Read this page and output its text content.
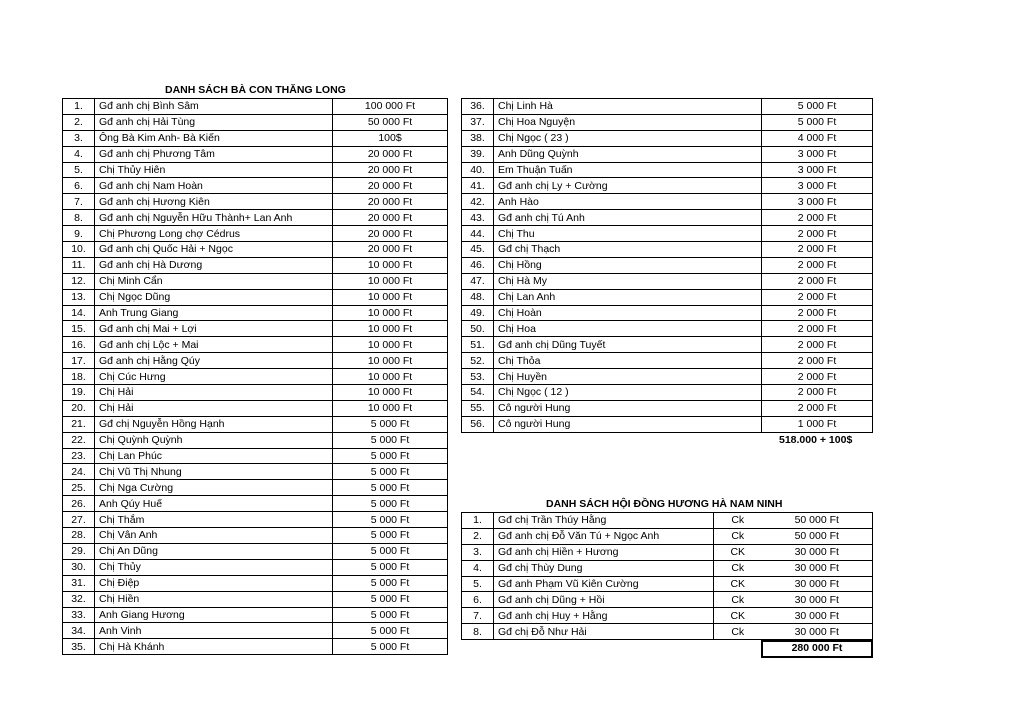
DANH SÁCH BÀ CON THĂNG LONG
1.	Gđ anh chị Bình Sâm	100 000 Ft
2.	Gđ anh chị Hải Tùng	50 000 Ft
3.	Ông Bà Kim Anh- Bà Kiến	100$
4.	Gđ anh chị Phương Tâm	20 000 Ft
5.	Chị Thủy Hiên	20 000 Ft
6.	Gđ anh chị Nam Hoàn	20 000 Ft
7.	Gđ anh chị Hương Kiên	20 000 Ft
8.	Gđ anh chị Nguyễn Hữu Thành+ Lan Anh	20 000 Ft
9.	Chị Phương Long chợ Cédrus	20 000 Ft
10.	Gđ anh chị Quốc Hải + Ngọc	20 000 Ft
11.	Gđ anh chị Hà Dương	10 000 Ft
12.	Chị Minh Cẩn	10 000 Ft
13.	Chị Ngọc Dũng	10 000 Ft
14.	Anh Trung Giang	10 000 Ft
15.	Gđ anh chị Mai + Lợi	10 000 Ft
16.	Gđ anh chị Lộc + Mai	10 000 Ft
17.	Gđ anh chị Hằng Qúy	10 000 Ft
18.	Chị Cúc Hưng	10 000 Ft
19.	Chị Hải	10 000 Ft
20.	Chị Hải	10 000 Ft
21.	Gđ chị Nguyễn Hồng Hạnh	5 000 Ft
22.	Chị Quỳnh Quỳnh	5 000 Ft
23.	Chị Lan Phúc	5 000 Ft
24.	Chị Vũ Thị Nhung	5 000 Ft
25.	Chị Nga Cường	5 000 Ft
26.	Anh Qúy Huế	5 000 Ft
27.	Chị Thắm	5 000 Ft
28.	Chị Vân Anh	5 000 Ft
29.	Chị An Dũng	5 000 Ft
30.	Chị Thủy	5 000 Ft
31.	Chị Điệp	5 000 Ft
32.	Chị Hiền	5 000 Ft
33.	Anh Giang Hương	5 000 Ft
34.	Anh Vinh	5 000 Ft
35.	Chị Hà Khánh	5 000 Ft
36.	Chị Linh Hà	5 000 Ft
37.	Chị Hoa Nguyện	5 000 Ft
38.	Chị Ngọc ( 23 )	4 000 Ft
39.	Anh Dũng Quỳnh	3 000 Ft
40.	Em Thuận Tuấn	3 000 Ft
41.	Gđ anh chị Ly + Cường	3 000 Ft
42.	Anh Hào	3 000 Ft
43.	Gđ anh chị Tú Anh	2 000 Ft
44.	Chị Thu	2 000 Ft
45.	Gđ chị Thạch	2 000 Ft
46.	Chị Hồng	2 000 Ft
47.	Chị Hà My	2 000 Ft
48.	Chị Lan Anh	2 000 Ft
49.	Chị Hoàn	2 000 Ft
50.	Chị Hoa	2 000 Ft
51.	Gđ anh chị Dũng Tuyết	2 000 Ft
52.	Chị Thỏa	2 000 Ft
53.	Chị Huyền	2 000 Ft
54.	Chị Ngọc ( 12 )	2 000 Ft
55.	Cô người Hung	2 000 Ft
56.	Cô người Hung	1 000 Ft
518.000 + 100$
DANH SÁCH HỘI ĐỒNG HƯƠNG HÀ NAM NINH
1.	Gđ chị Trần Thúy Hằng	Ck	50 000 Ft
2.	Gđ anh chị Đỗ Văn Tú + Ngọc Anh	Ck	50 000 Ft
3.	Gđ anh chị Hiền + Hương	CK	30 000 Ft
4.	Gđ chị Thùy Dung	Ck	30 000 Ft
5.	Gđ anh Phạm Vũ Kiên Cường	CK	30 000 Ft
6.	Gđ anh chị Dũng + Hồi	Ck	30 000 Ft
7.	Gđ anh chị Huy + Hằng	CK	30 000 Ft
8.	Gđ chị Đỗ Như Hải	Ck	30 000 Ft
280 000 Ft
